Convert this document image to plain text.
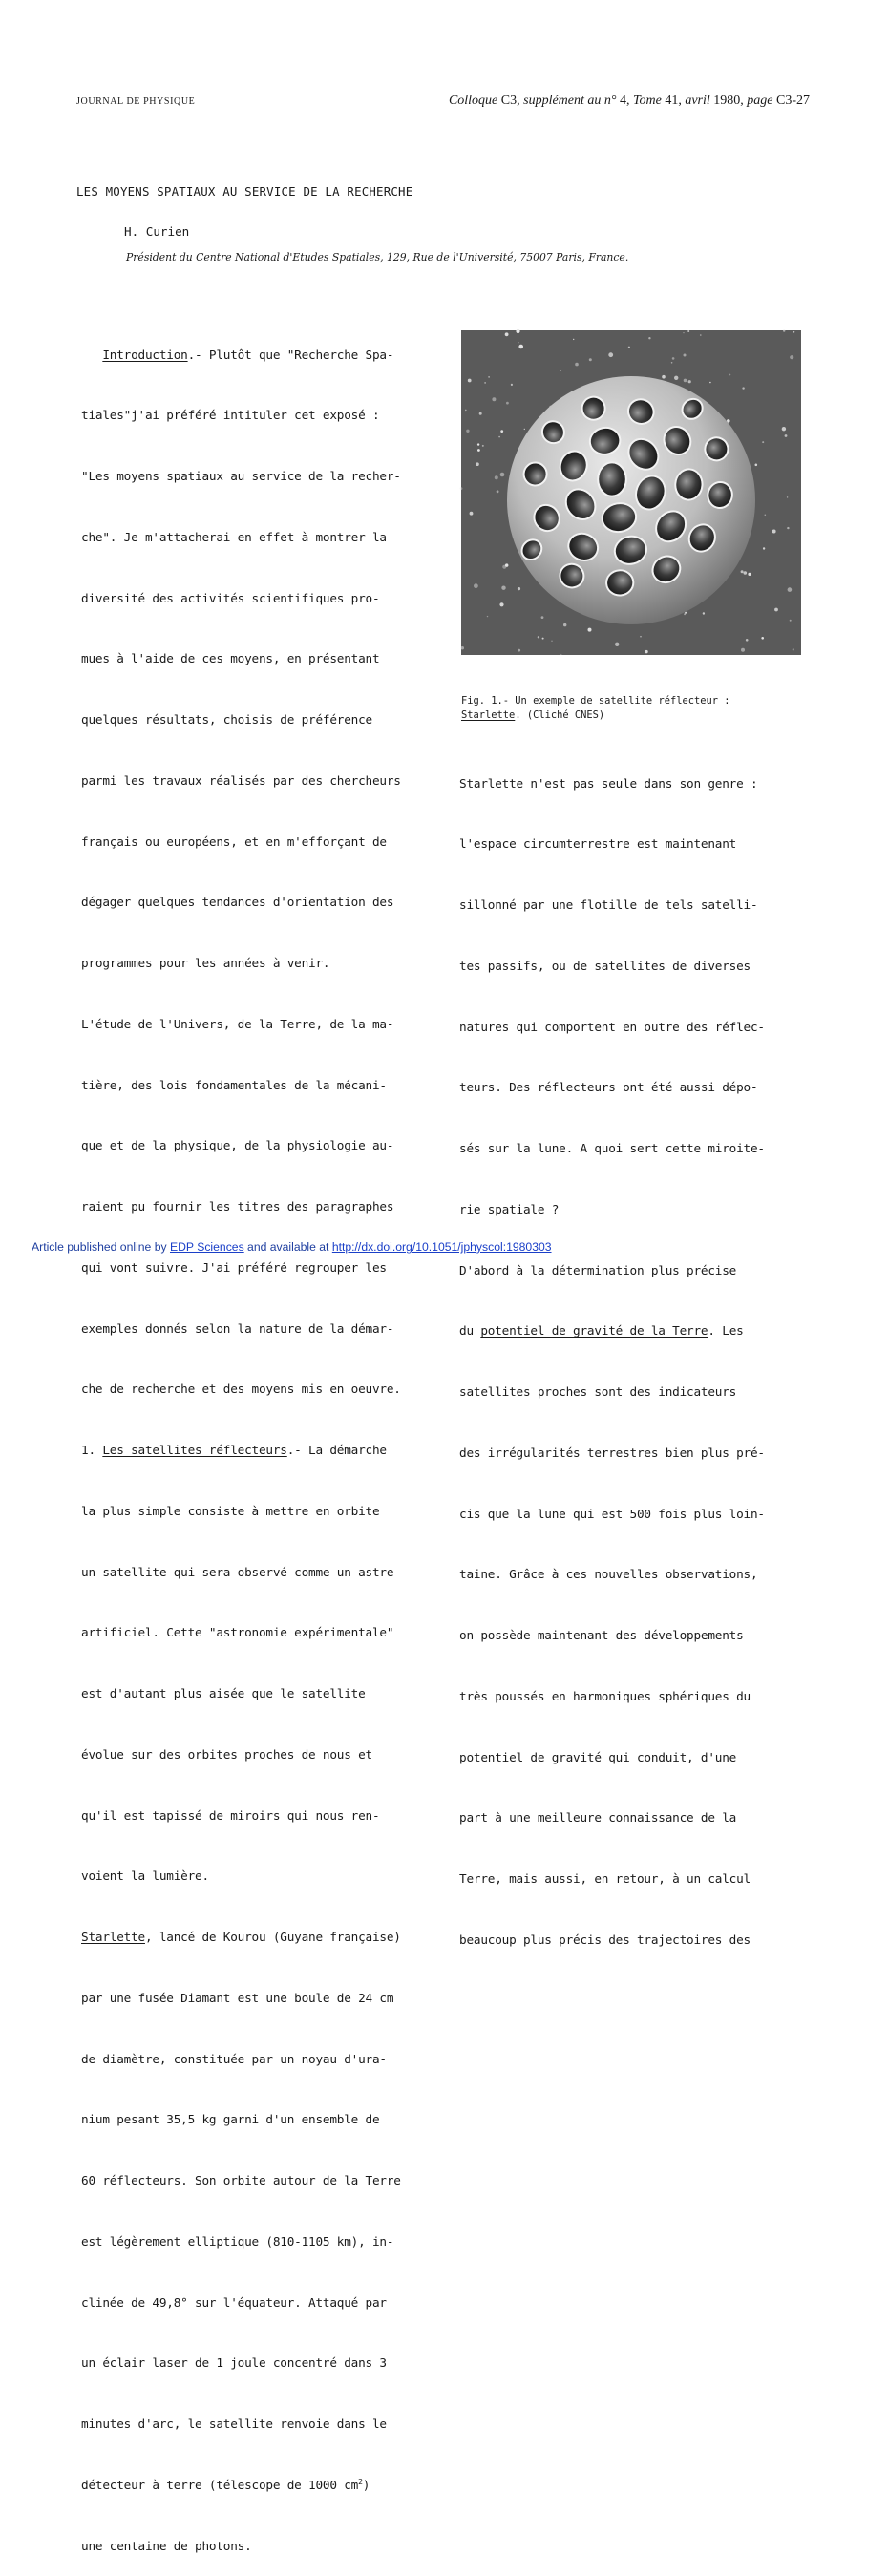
JOURNAL DE PHYSIQUE	Colloque C3, supplément au n° 4, Tome 41, avril 1980, page C3-27
LES MOYENS SPATIAUX AU SERVICE DE LA RECHERCHE
H. Curien
Président du Centre National d'Etudes Spatiales, 129, Rue de l'Université, 75007 Paris, France.

Introduction.- Plutôt que "Recherche Spa-

tiales"j'ai préféré intituler cet exposé :

"Les moyens spatiaux au service de la recher-

che". Je m'attacherai en effet à montrer la

diversité des activités scientifiques pro-

mues à l'aide de ces moyens, en présentant

quelques résultats, choisis de préférence

parmi les travaux réalisés par des chercheurs

français ou européens, et en m'efforçant de

dégager quelques tendances d'orientation des

programmes pour les années à venir.

L'étude de l'Univers, de la Terre, de la ma-

tière, des lois fondamentales de la mécani-

que et de la physique, de la physiologie au-

raient pu fournir les titres des paragraphes

qui vont suivre. J'ai préféré regrouper les

exemples donnés selon la nature de la démar-

che de recherche et des moyens mis en oeuvre.

1. Les satellites réflecteurs.- La démarche

la plus simple consiste à mettre en orbite

un satellite qui sera observé comme un astre

artificiel. Cette "astronomie expérimentale"

est d'autant plus aisée que le satellite

évolue sur des orbites proches de nous et

qu'il est tapissé de miroirs qui nous ren-

voient la lumière.

Starlette, lancé de Kourou (Guyane française)

par une fusée Diamant est une boule de 24 cm

de diamètre, constituée par un noyau d'ura-

nium pesant 35,5 kg garni d'un ensemble de

60 réflecteurs. Son orbite autour de la Terre

est légèrement elliptique (810-1105 km), in-

clinée de 49,8° sur l'équateur. Attaqué par

un éclair laser de 1 joule concentré dans 3

minutes d'arc, le satellite renvoie dans le

détecteur à terre (télescope de 1000 $cm^2$)

une centaine de photons.

Fig. 1.- Un exemple de satellite réflecteur :
Starlette. (Cliché CNES)

Starlette n'est pas seule dans son genre :

l'espace circumterrestre est maintenant

sillonné par une flotille de tels satelli-

tes passifs, ou de satellites de diverses

natures qui comportent en outre des réflec-

teurs. Des réflecteurs ont été aussi dépo-

sés sur la lune. A quoi sert cette miroite-

rie spatiale ?

D'abord à la détermination plus précise

du potentiel de gravité de la Terre. Les

satellites proches sont des indicateurs

des irrégularités terrestres bien plus pré-

cis que la lune qui est 500 fois plus loin-

taine. Grâce à ces nouvelles observations,

on possède maintenant des développements

très poussés en harmoniques sphériques du

potentiel de gravité qui conduit, d'une

part à une meilleure connaissance de la

Terre, mais aussi, en retour, à un calcul

beaucoup plus précis des trajectoires des

Article published online by EDP Sciences and available at http://dx.doi.org/10.1051/jphyscol:1980303
